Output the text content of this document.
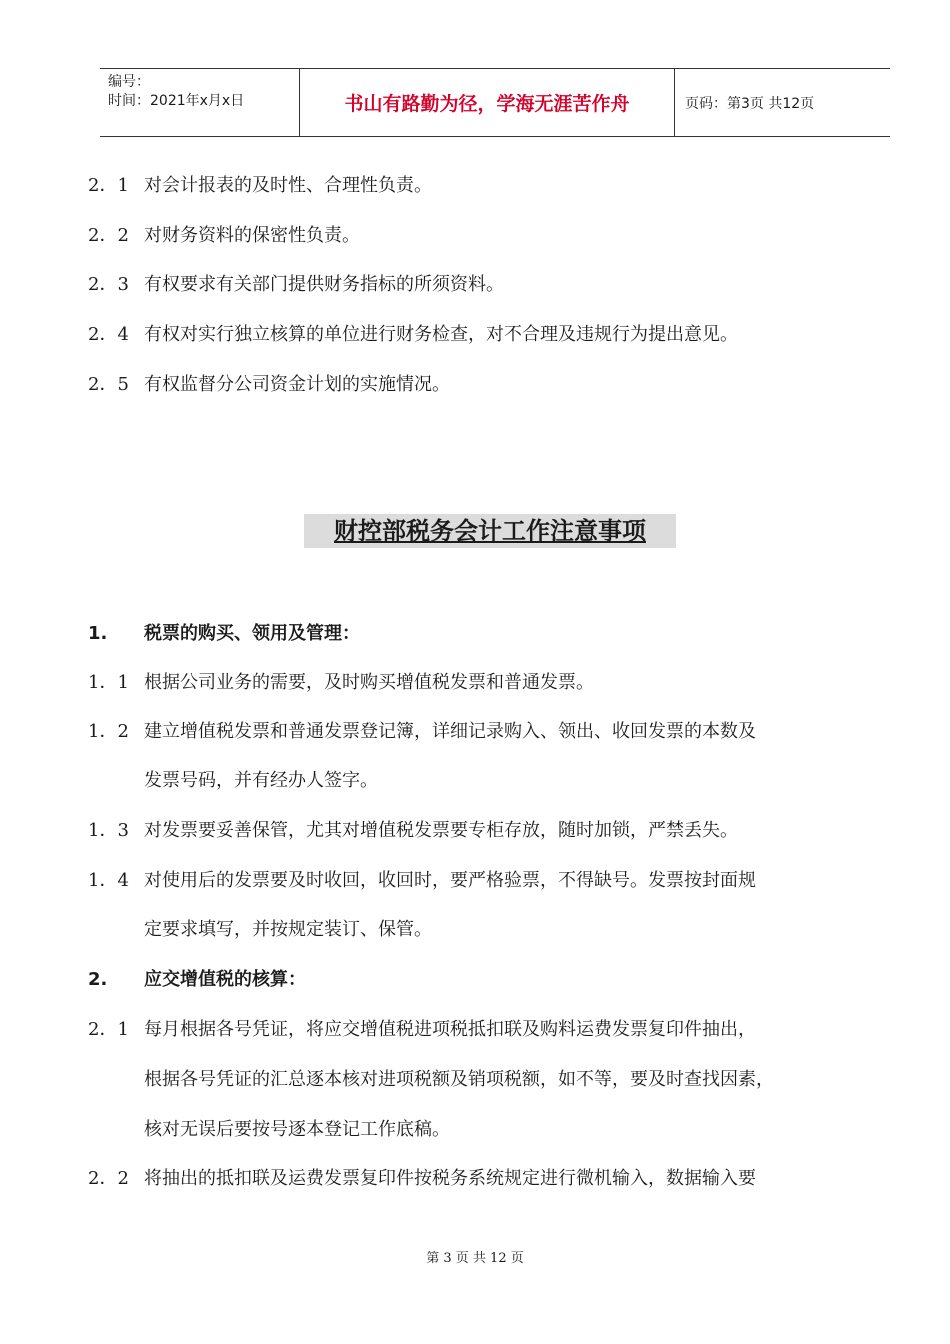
编号：
时间：2021年x月x日	书山有路勤为径，学海无涯苦作舟	页码：第3页 共12页
2．1 对会计报表的及时性、合理性负责。
2．2 对财务资料的保密性负责。
2．3 有权要求有关部门提供财务指标的所须资料。
2．4 有权对实行独立核算的单位进行财务检查，对不合理及违规行为提出意见。
2．5 有权监督分公司资金计划的实施情况。
财控部税务会计工作注意事项
1. 税票的购买、领用及管理：
1．1 根据公司业务的需要，及时购买增值税发票和普通发票。
1．2 建立增值税发票和普通发票登记簿，详细记录购入、领出、收回发票的本数及
发票号码，并有经办人签字。
1．3 对发票要妥善保管，尤其对增值税发票要专柜存放，随时加锁，严禁丢失。
1．4 对使用后的发票要及时收回，收回时，要严格验票，不得缺号。发票按封面规
定要求填写，并按规定装订、保管。
2. 应交增值税的核算：
2．1 每月根据各号凭证，将应交增值税进项税抵扣联及购料运费发票复印件抽出，
根据各号凭证的汇总逐本核对进项税额及销项税额，如不等，要及时查找因素，
核对无误后要按号逐本登记工作底稿。
2．2 将抽出的抵扣联及运费发票复印件按税务系统规定进行微机输入，数据输入要
第 3 页 共 12 页
